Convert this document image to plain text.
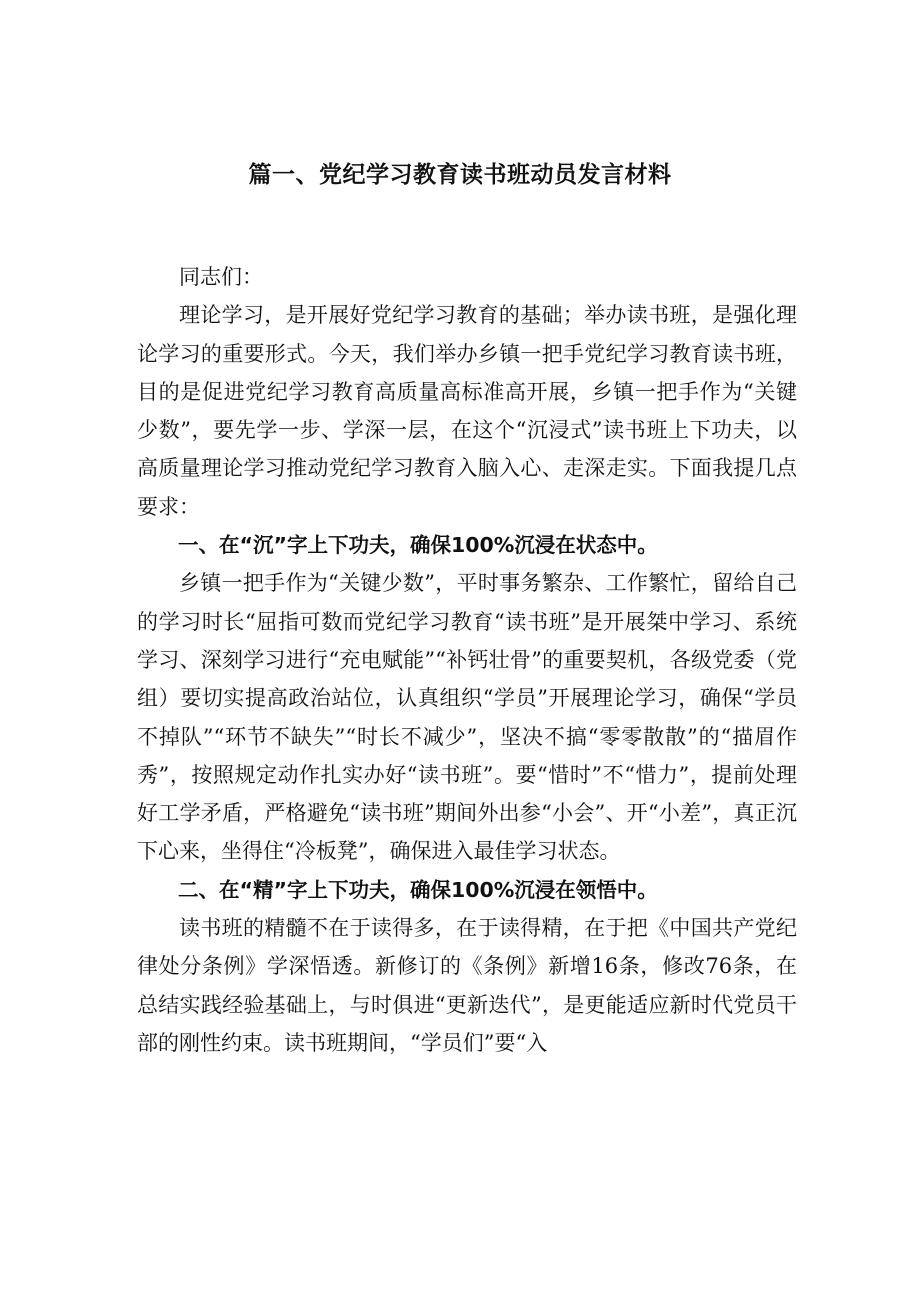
篇一、党纪学习教育读书班动员发言材料

同志们：

理论学习，是开展好党纪学习教育的基础；举办读书班，是强化理论学习的重要形式。今天，我们举办乡镇一把手党纪学习教育读书班，目的是促进党纪学习教育高质量高标准高开展，乡镇一把手作为“关键少数”，要先学一步、学深一层，在这个“沉浸式”读书班上下功夫，以高质量理论学习推动党纪学习教育入脑入心、走深走实。下面我提几点要求：

一、在“沉”字上下功夫，确保100%沉浸在状态中。

乡镇一把手作为“关键少数”，平时事务繁杂、工作繁忙，留给自己的学习时长“屈指可数而党纪学习教育“读书班”是开展桀中学习、系统学习、深刻学习进行“充电赋能”“补钙壮骨”的重要契机，各级党委（党组）要切实提高政治站位，认真组织“学员”开展理论学习，确保“学员不掉队”“环节不缺失”“时长不减少”，坚决不搞“零零散散”的“描眉作秀”，按照规定动作扎实办好“读书班”。要“惜时”不“惜力”，提前处理好工学矛盾，严格避免“读书班”期间外出参“小会”、开“小差”，真正沉下心来，坐得住“冷板凳”，确保进入最佳学习状态。

二、在“精”字上下功夫，确保100%沉浸在领悟中。

读书班的精髓不在于读得多，在于读得精，在于把《中国共产党纪律处分条例》学深悟透。新修订的《条例》新增16条，修改76条，在总结实践经验基础上，与时俱进“更新迭代”，是更能适应新时代党员干部的刚性约束。读书班期间，“学员们”要“入
